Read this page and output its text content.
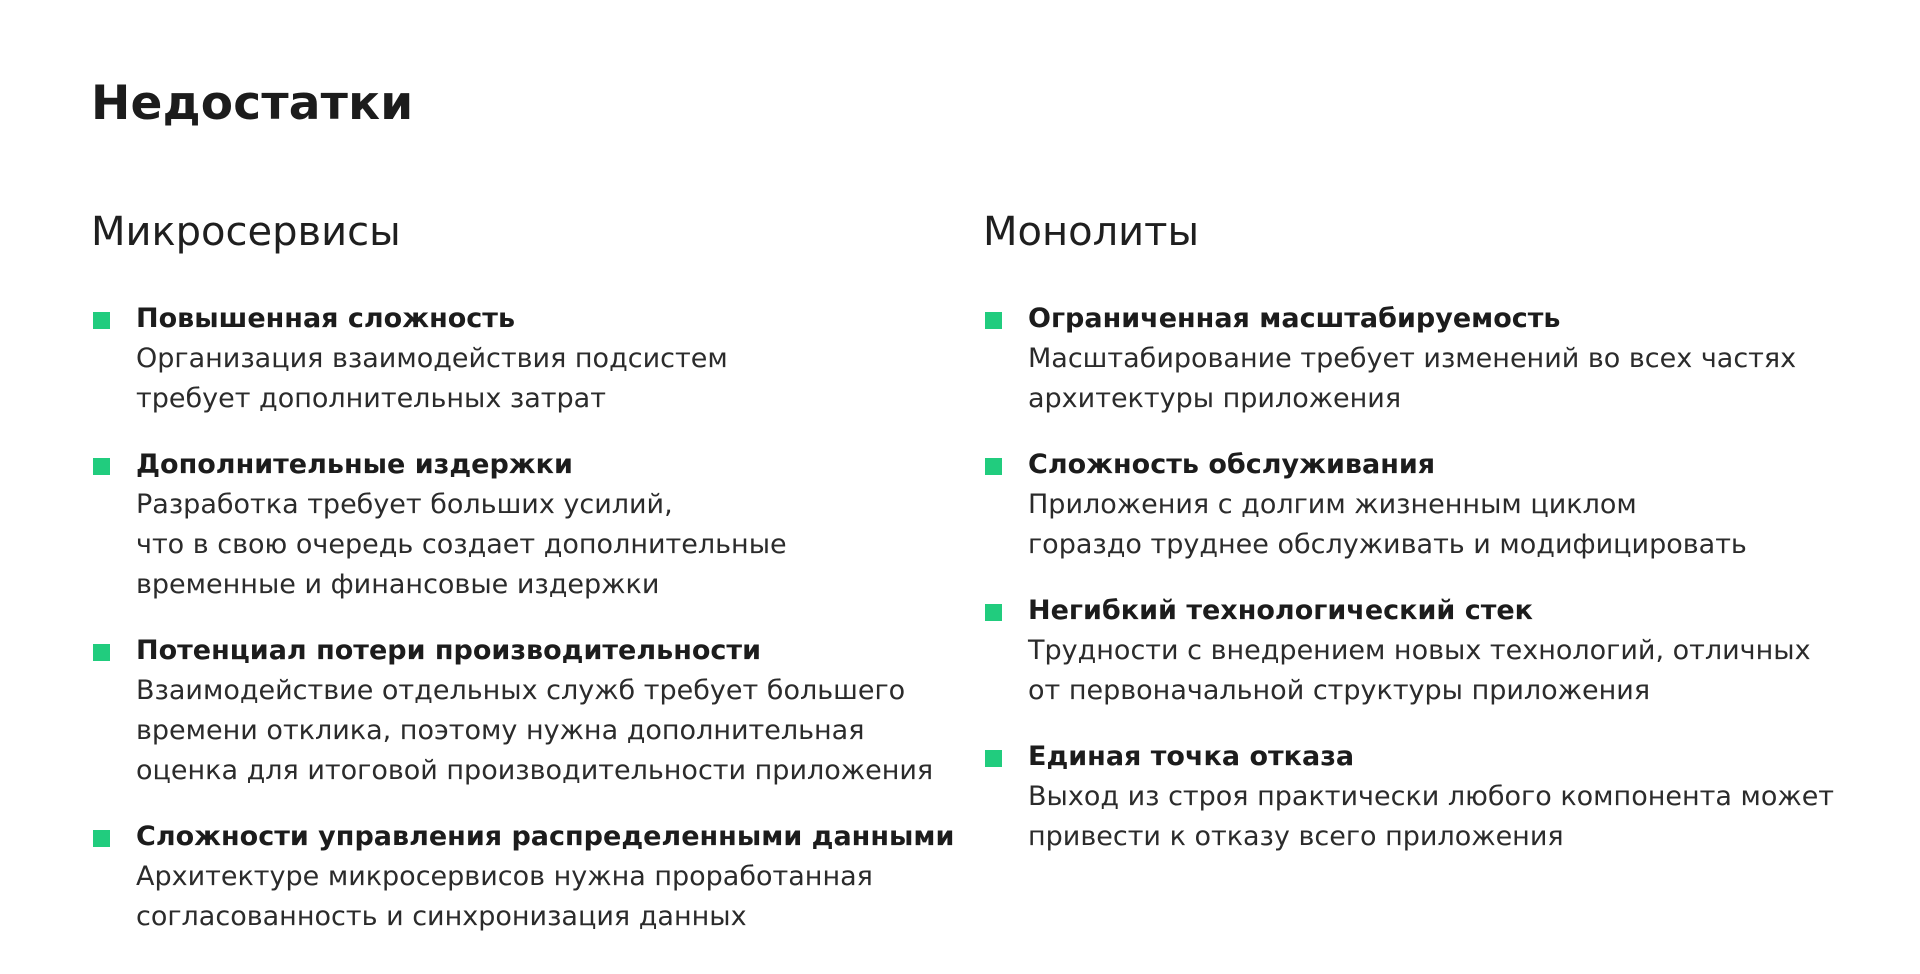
Недостатки
Микросервисы
Повышенная сложность
Организация взаимодействия подсистем
требует дополнительных затрат
Дополнительные издержки
Разработка требует больших усилий,
что в свою очередь создает дополнительные
временные и финансовые издержки
Потенциал потери производительности
Взаимодействие отдельных служб требует большего
времени отклика, поэтому нужна дополнительная
оценка для итоговой производительности приложения
Сложности управления распределенными данными
Архитектуре микросервисов нужна проработанная
согласованность и синхронизация данных
Монолиты
Ограниченная масштабируемость
Масштабирование требует изменений во всех частях
архитектуры приложения
Сложность обслуживания
Приложения с долгим жизненным циклом
гораздо труднее обслуживать и модифицировать
Негибкий технологический стек
Трудности с внедрением новых технологий, отличных
от первоначальной структуры приложения
Единая точка отказа
Выход из строя практически любого компонента может
привести к отказу всего приложения
